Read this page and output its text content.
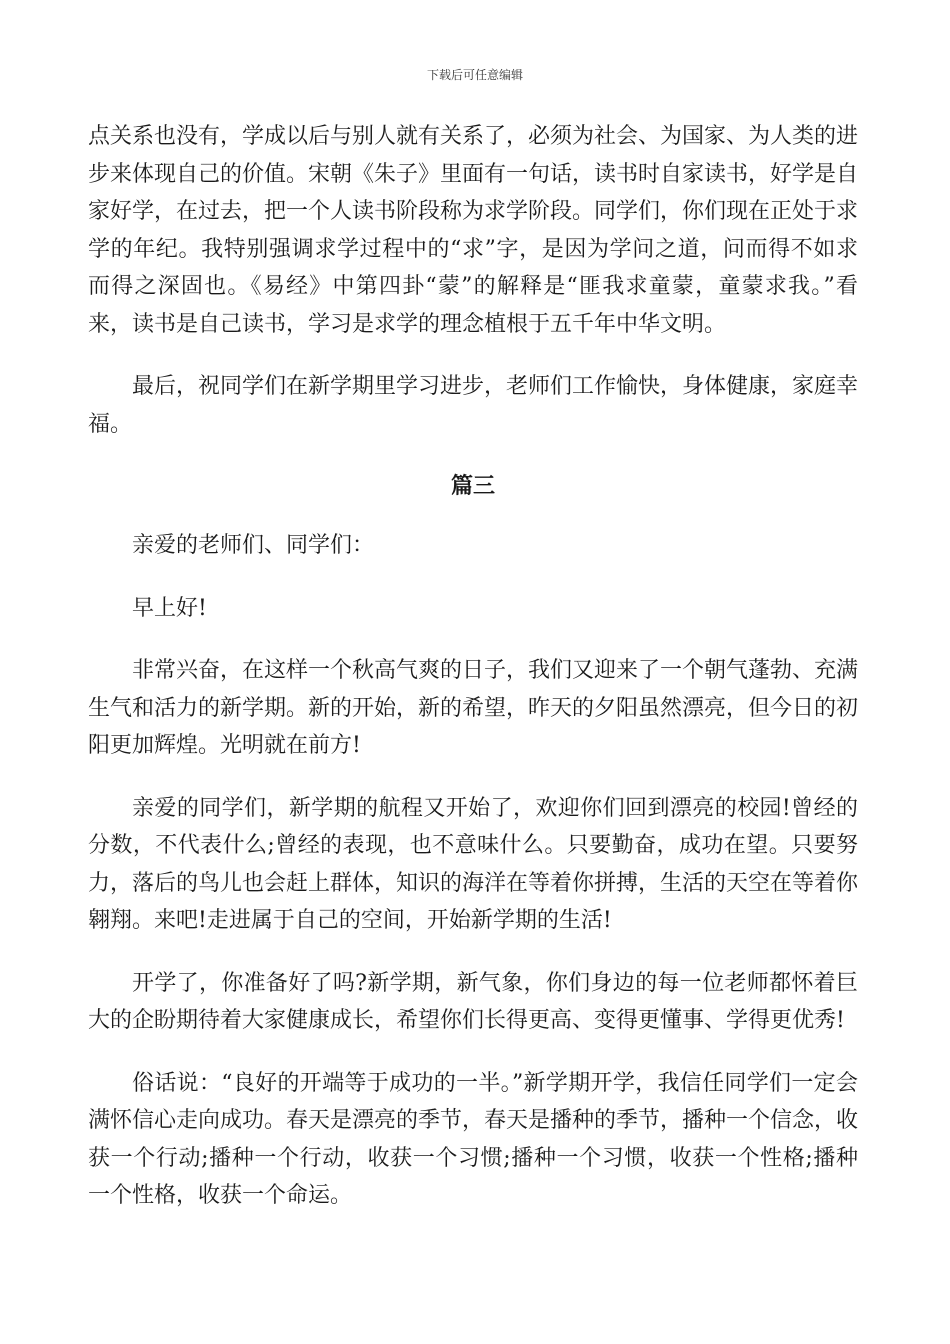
下载后可任意编辑

点关系也没有，学成以后与别人就有关系了，必须为社会、为国家、为人类的进步来体现自己的价值。宋朝《朱子》里面有一句话，读书时自家读书，好学是自家好学，在过去，把一个人读书阶段称为求学阶段。同学们，你们现在正处于求学的年纪。我特别强调求学过程中的“求”字，是因为学问之道，问而得不如求而得之深固也。《易经》中第四卦“蒙”的解释是“匪我求童蒙，童蒙求我。”看来，读书是自己读书，学习是求学的理念植根于五千年中华文明。

最后，祝同学们在新学期里学习进步，老师们工作愉快，身体健康，家庭幸福。

篇三

亲爱的老师们、同学们：

早上好!

非常兴奋，在这样一个秋高气爽的日子，我们又迎来了一个朝气蓬勃、充满生气和活力的新学期。新的开始，新的希望，昨天的夕阳虽然漂亮，但今日的初阳更加辉煌。光明就在前方!

亲爱的同学们，新学期的航程又开始了，欢迎你们回到漂亮的校园!曾经的分数，不代表什么;曾经的表现，也不意味什么。只要勤奋，成功在望。只要努力，落后的鸟儿也会赶上群体，知识的海洋在等着你拼搏，生活的天空在等着你翱翔。来吧!走进属于自己的空间，开始新学期的生活!

开学了，你准备好了吗?新学期，新气象，你们身边的每一位老师都怀着巨大的企盼期待着大家健康成长，希望你们长得更高、变得更懂事、学得更优秀!

俗话说：“良好的开端等于成功的一半。”新学期开学，我信任同学们一定会满怀信心走向成功。春天是漂亮的季节，春天是播种的季节，播种一个信念，收获一个行动;播种一个行动，收获一个习惯;播种一个习惯，收获一个性格;播种一个性格，收获一个命运。
